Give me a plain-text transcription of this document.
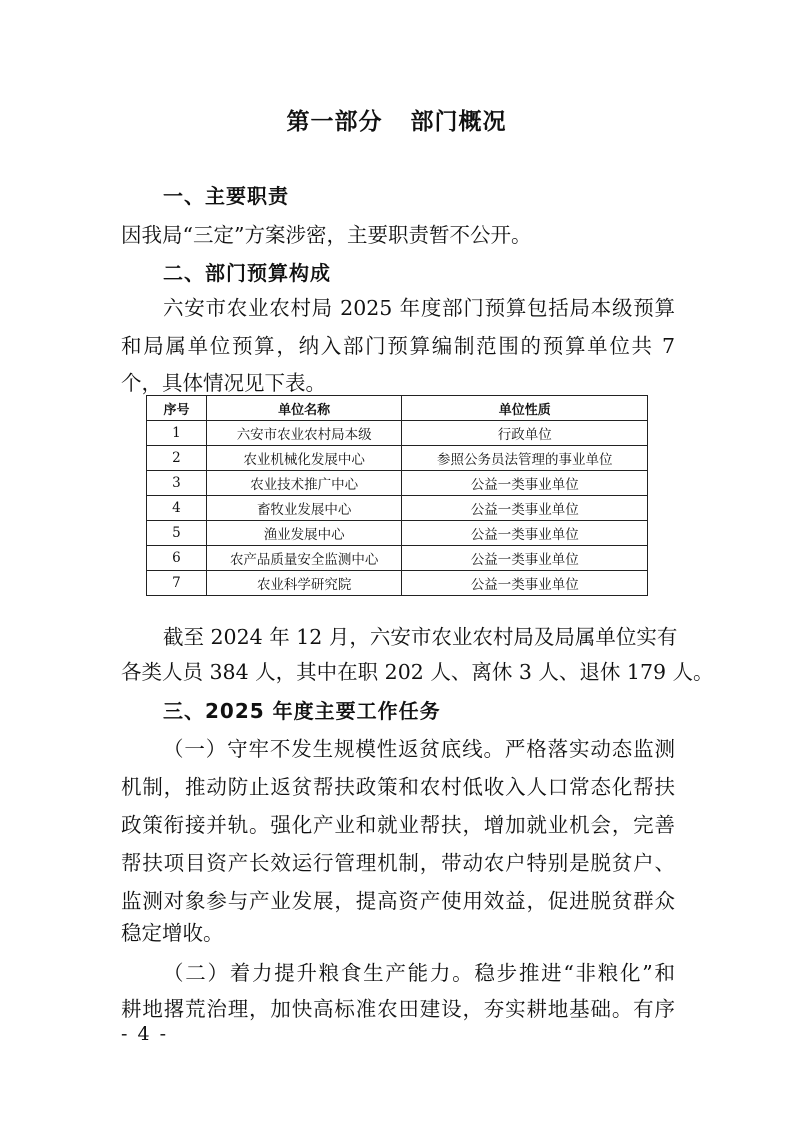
第一部分 部门概况
一、主要职责
因我局“三定”方案涉密，主要职责暂不公开。
二、部门预算构成
六安市农业农村局 2025 年度部门预算包括局本级预算
和局属单位预算，纳入部门预算编制范围的预算单位共 7
个，具体情况见下表。
序号	单位名称	单位性质
1	六安市农业农村局本级	行政单位
2	农业机械化发展中心	参照公务员法管理的事业单位
3	农业技术推广中心	公益一类事业单位
4	畜牧业发展中心	公益一类事业单位
5	渔业发展中心	公益一类事业单位
6	农产品质量安全监测中心	公益一类事业单位
7	农业科学研究院	公益一类事业单位
截至 2024 年 12 月，六安市农业农村局及局属单位实有
各类人员 384 人，其中在职 202 人、离休 3 人、退休 179 人。
三、2025 年度主要工作任务
（一）守牢不发生规模性返贫底线。严格落实动态监测
机制，推动防止返贫帮扶政策和农村低收入人口常态化帮扶
政策衔接并轨。强化产业和就业帮扶，增加就业机会，完善
帮扶项目资产长效运行管理机制，带动农户特别是脱贫户、
监测对象参与产业发展，提高资产使用效益，促进脱贫群众
稳定增收。
（二）着力提升粮食生产能力。稳步推进“非粮化”和
耕地撂荒治理，加快高标准农田建设，夯实耕地基础。有序
- 4 -
